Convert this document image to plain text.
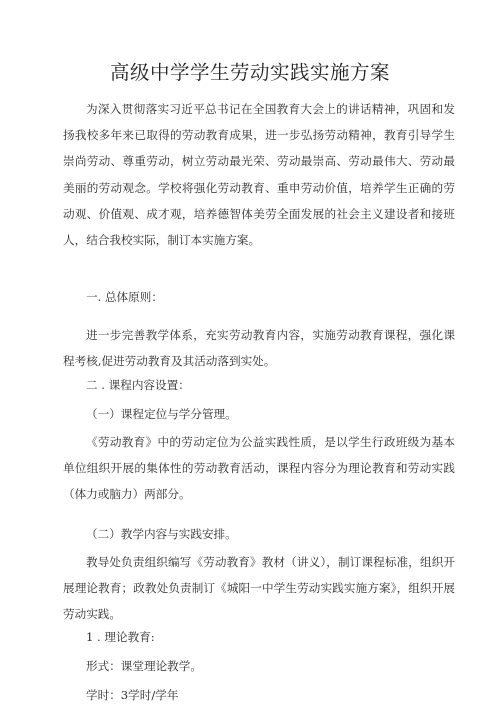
高级中学学生劳动实践实施方案

为深入贯彻落实习近平总书记在全国教育大会上的讲话精神，巩固和发扬我校多年来已取得的劳动教育成果，进一步弘扬劳动精神，教育引导学生崇尚劳动、尊重劳动，树立劳动最光荣、劳动最崇高、劳动最伟大、劳动最美丽的劳动观念。学校将强化劳动教育、重申劳动价值，培养学生正确的劳动观、价值观、成才观，培养德智体美劳全面发展的社会主义建设者和接班人，结合我校实际，制订本实施方案。

一. 总体原则：

进一步完善教学体系，充实劳动教育内容，实施劳动教育课程，强化课程考核,促进劳动教育及其活动落到实处。

二 . 课程内容设置：

（一）课程定位与学分管理。

《劳动教育》中的劳动定位为公益实践性质，是以学生行政班级为基本单位组织开展的集体性的劳动教育活动，课程内容分为理论教育和劳动实践（体力或脑力）两部分。

（二）教学内容与实践安排。

教导处负责组织编写《劳动教育》教材（讲义），制订课程标准，组织开展理论教育；政教处负责制订《城阳一中学生劳动实践实施方案》，组织开展劳动实践。

1 . 理论教育:

形式：课堂理论教学。

学时：3学时/学年
